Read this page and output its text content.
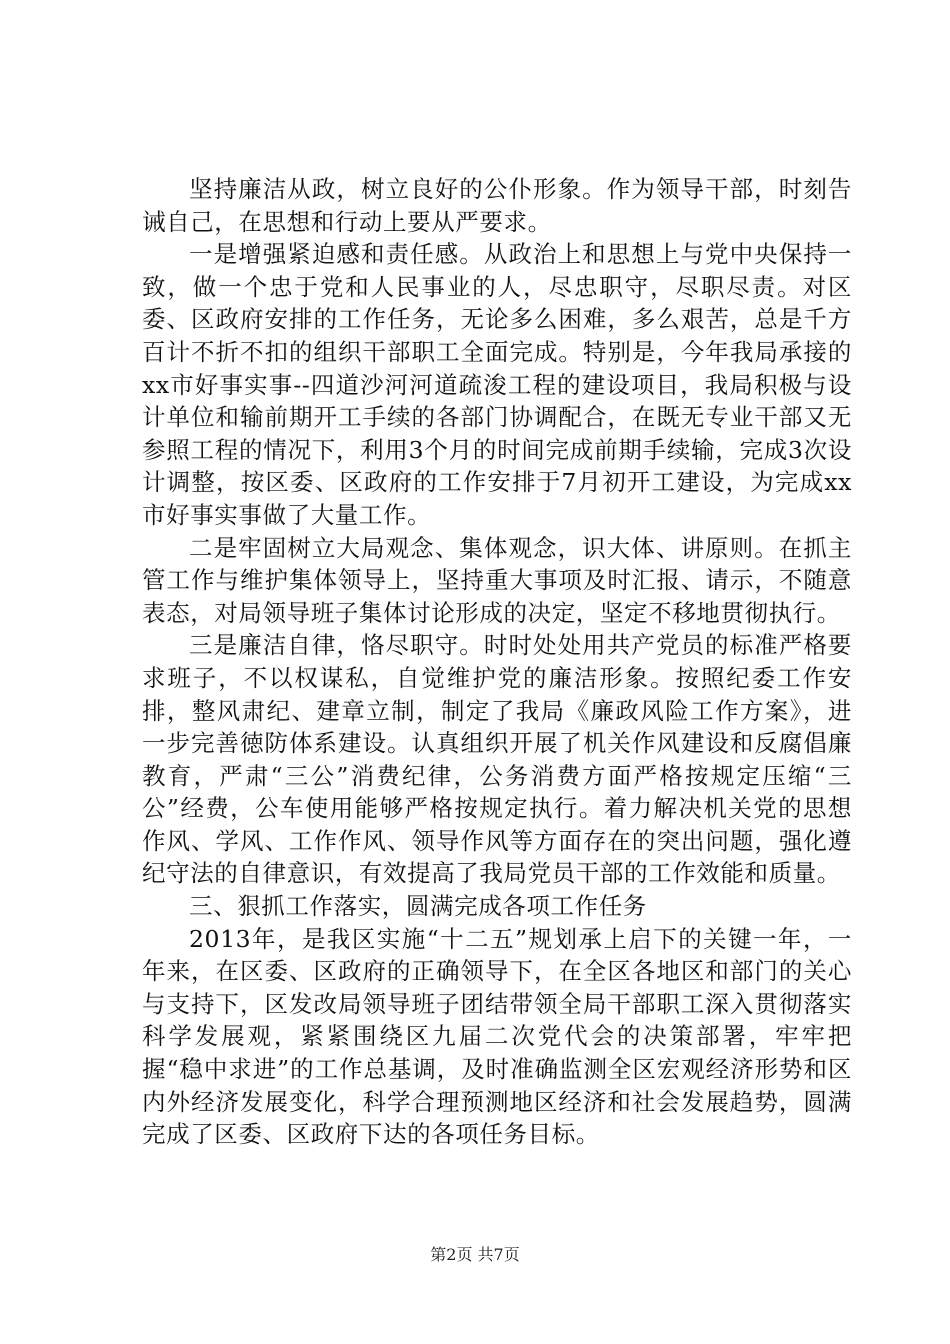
坚持廉洁从政，树立良好的公仆形象。作为领导干部，时刻告诫自己，在思想和行动上要从严要求。

一是增强紧迫感和责任感。从政治上和思想上与党中央保持一致，做一个忠于党和人民事业的人，尽忠职守，尽职尽责。对区委、区政府安排的工作任务，无论多么困难，多么艰苦，总是千方百计不折不扣的组织干部职工全面完成。特别是，今年我局承接的xx市好事实事--四道沙河河道疏浚工程的建设项目，我局积极与设计单位和输前期开工手续的各部门协调配合，在既无专业干部又无参照工程的情况下，利用3个月的时间完成前期手续输，完成3次设计调整，按区委、区政府的工作安排于7月初开工建设，为完成xx市好事实事做了大量工作。

二是牢固树立大局观念、集体观念，识大体、讲原则。在抓主管工作与维护集体领导上，坚持重大事项及时汇报、请示，不随意表态，对局领导班子集体讨论形成的决定，坚定不移地贯彻执行。

三是廉洁自律，恪尽职守。时时处处用共产党员的标准严格要求班子，不以权谋私，自觉维护党的廉洁形象。按照纪委工作安排，整风肃纪、建章立制，制定了我局《廉政风险工作方案》，进一步完善徳防体系建设。认真组织开展了机关作风建设和反腐倡廉教育，严肃“三公”消费纪律，公务消费方面严格按规定压缩“三公”经费，公车使用能够严格按规定执行。着力解决机关党的思想作风、学风、工作作风、领导作风等方面存在的突出问题，强化遵纪守法的自律意识，有效提高了我局党员干部的工作效能和质量。

三、狠抓工作落实，圆满完成各项工作任务

2013年，是我区实施“十二五”规划承上启下的关键一年，一年来，在区委、区政府的正确领导下，在全区各地区和部门的关心与支持下，区发改局领导班子团结带领全局干部职工深入贯彻落实科学发展观，紧紧围绕区九届二次党代会的决策部署，牢牢把握“稳中求进”的工作总基调，及时准确监测全区宏观经济形势和区内外经济发展变化，科学合理预测地区经济和社会发展趋势，圆满完成了区委、区政府下达的各项任务目标。

第2页 共7页
